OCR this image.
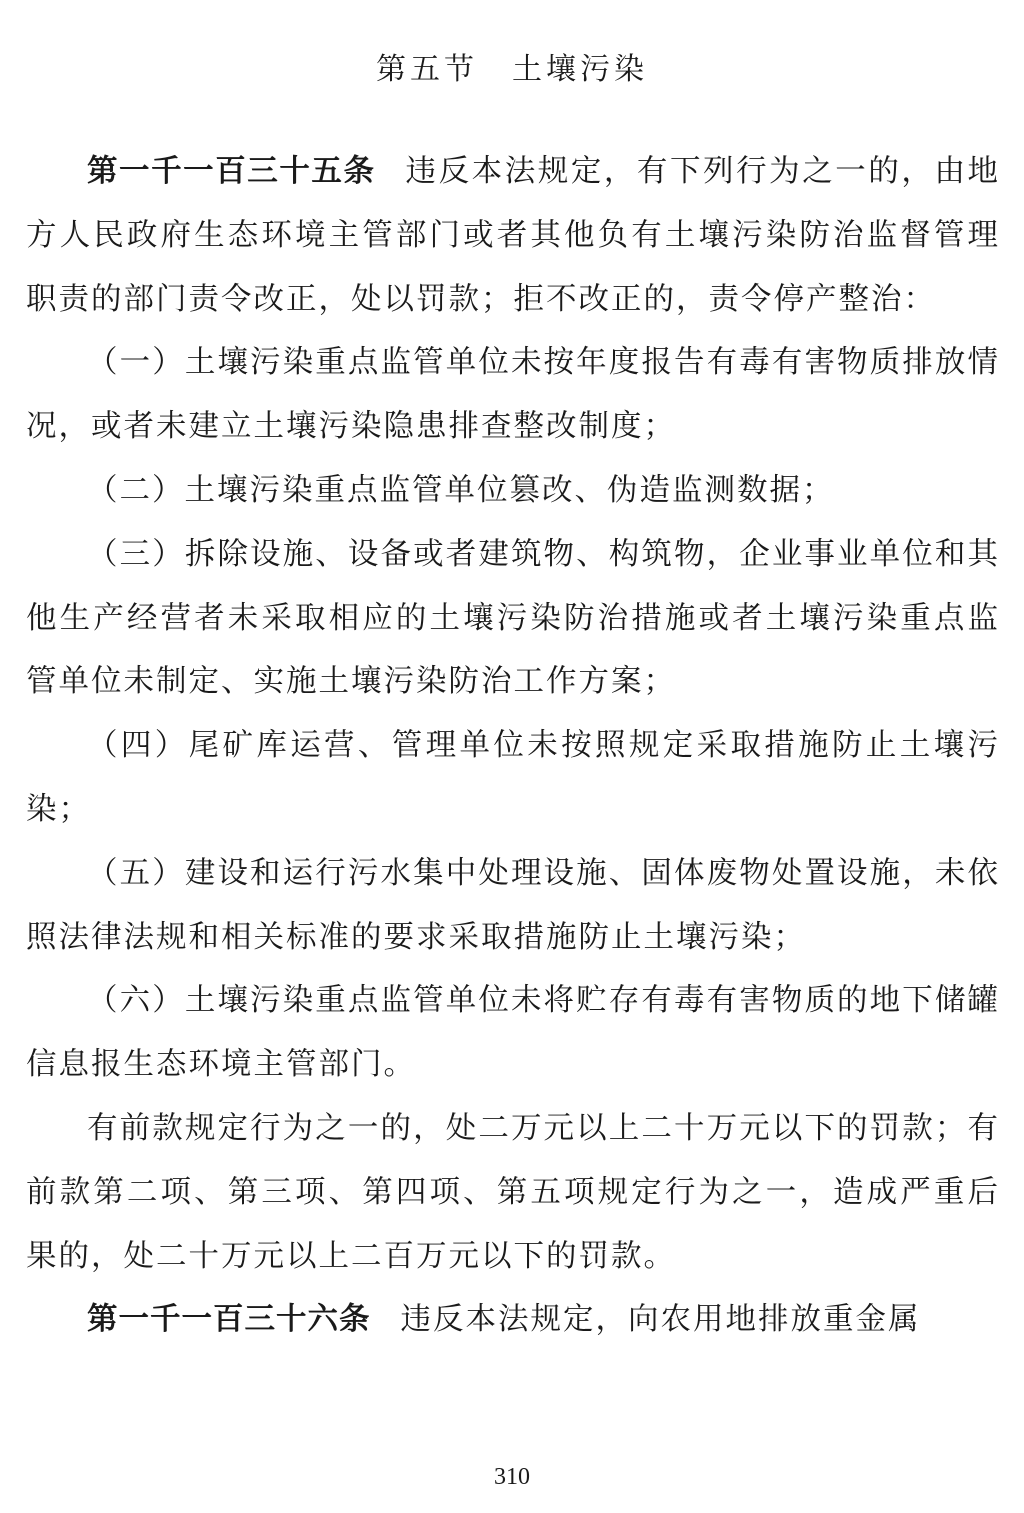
第五节　土壤污染

第一千一百三十五条 违反本法规定，有下列行为之一的，由地方人民政府生态环境主管部门或者其他负有土壤污染防治监督管理职责的部门责令改正，处以罚款；拒不改正的，责令停产整治：

（一）土壤污染重点监管单位未按年度报告有毒有害物质排放情况，或者未建立土壤污染隐患排查整改制度；

（二）土壤污染重点监管单位篡改、伪造监测数据；

（三）拆除设施、设备或者建筑物、构筑物，企业事业单位和其他生产经营者未采取相应的土壤污染防治措施或者土壤污染重点监管单位未制定、实施土壤污染防治工作方案；

（四）尾矿库运营、管理单位未按照规定采取措施防止土壤污染；

（五）建设和运行污水集中处理设施、固体废物处置设施，未依照法律法规和相关标准的要求采取措施防止土壤污染；

（六）土壤污染重点监管单位未将贮存有毒有害物质的地下储罐信息报生态环境主管部门。

有前款规定行为之一的，处二万元以上二十万元以下的罚款；有前款第二项、第三项、第四项、第五项规定行为之一，造成严重后果的，处二十万元以上二百万元以下的罚款。

第一千一百三十六条 违反本法规定，向农用地排放重金属

310
